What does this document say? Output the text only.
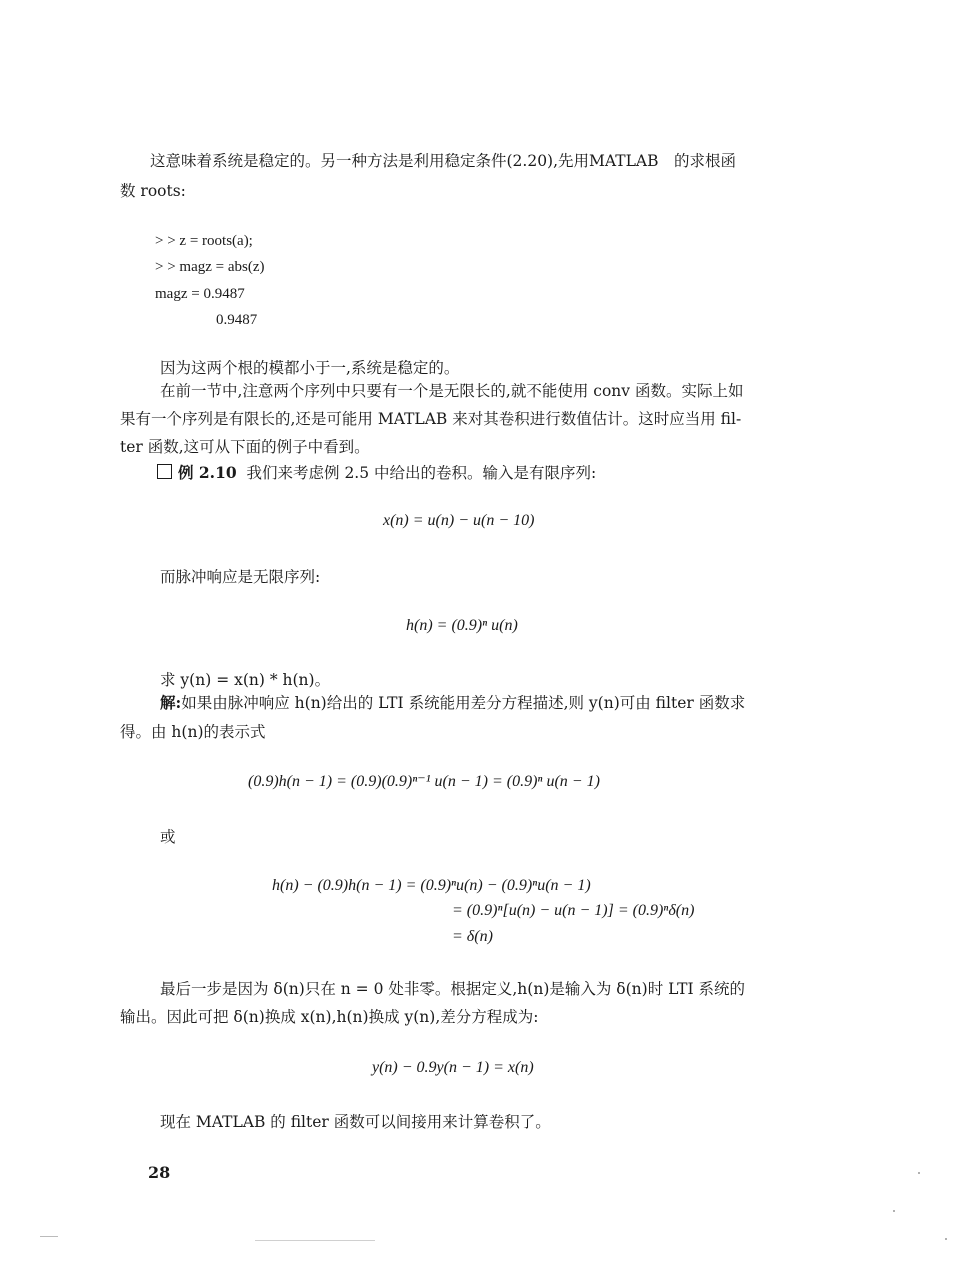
这意味着系统是稳定的。另一种方法是利用稳定条件(2.20),先用MATLAB　的求根函
数 roots:
> > z = roots(a);
> > magz = abs(z)
magz = 0.9487
0.9487
因为这两个根的模都小于一,系统是稳定的。
在前一节中,注意两个序列中只要有一个是无限长的,就不能使用 conv 函数。实际上如
果有一个序列是有限长的,还是可能用 MATLAB 来对其卷积进行数值估计。这时应当用 fil-
ter 函数,这可从下面的例子中看到。
例 2.10 我们来考虑例 2.5 中给出的卷积。输入是有限序列:
x(n) = u(n) − u(n − 10)
而脉冲响应是无限序列:
h(n) = (0.9)ⁿ u(n)
求 y(n) = x(n) * h(n)。
解:如果由脉冲响应 h(n)给出的 LTI 系统能用差分方程描述,则 y(n)可由 filter 函数求
得。由 h(n)的表示式
(0.9)h(n − 1) = (0.9)(0.9)ⁿ⁻¹ u(n − 1) = (0.9)ⁿ u(n − 1)
或
h(n) − (0.9)h(n − 1) = (0.9)ⁿu(n) − (0.9)ⁿu(n − 1)
= (0.9)ⁿ[u(n) − u(n − 1)] = (0.9)ⁿδ(n)
= δ(n)
最后一步是因为 δ(n)只在 n = 0 处非零。根据定义,h(n)是输入为 δ(n)时 LTI 系统的
输出。因此可把 δ(n)换成 x(n),h(n)换成 y(n),差分方程成为:
y(n) − 0.9y(n − 1) = x(n)
现在 MATLAB 的 filter 函数可以间接用来计算卷积了。
28
